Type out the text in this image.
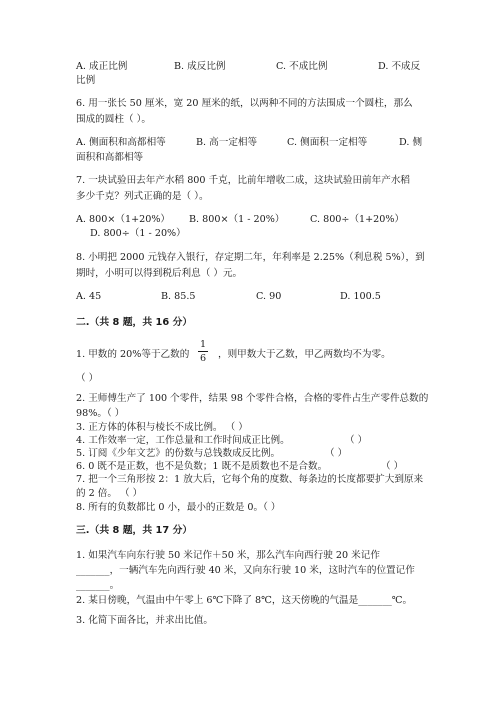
A. 成正比例	B. 成反比例	C. 不成比例	D. 不成反
比例
6. 用一张长 50 厘米，宽 20 厘米的纸，以两种不同的方法围成一个圆柱，那么
围成的圆柱（ ）。
A. 侧面积和高都相等	B. 高一定相等	C. 侧面积一定相等	D. 侧
面积和高都相等
7. 一块试验田去年产水稻 800 千克，比前年增收二成，这块试验田前年产水稻
多少千克？列式正确的是（ ）。
A. 800×（1+20%） B. 800×（1 - 20%）	C. 800÷（1+20%）
D. 800÷（1 - 20%）
8. 小明把 2000 元钱存入银行，存定期二年，年利率是 2.25%（利息税 5%），到
期时，小明可以得到税后利息（ ）元。
A. 45	B. 85.5	C. 90	D. 100.5
二.（共 8 题，共 16 分）
1. 甲数的 20%等于乙数的
1
6 ，则甲数大于乙数，甲乙两数均不为零。
（ ）
2. 王师傅生产了 100 个零件，结果 98 个零件合格，合格的零件占生产零件总数的
98%。（ ）
3. 正方体的体积与棱长不成比例。 （ ）
4. 工作效率一定，工作总量和工作时间成正比例。	（ ）
5. 订阅《少年文艺》的份数与总钱数成反比例。	（ ）
6. 0 既不是正数，也不是负数；1 既不是质数也不是合数。	（ ）
7. 把一个三角形按 2：1 放大后，它每个角的度数、每条边的长度都要扩大到原来
的 2 倍。 （ ）
8. 所有的负数都比 0 小，最小的正数是 0。（ ）
三.（共 8 题，共 17 分）
1. 如果汽车向东行驶 50 米记作＋50 米，那么汽车向西行驶 20 米记作
_______，一辆汽车先向西行驶 40 米，又向东行驶 10 米，这时汽车的位置记作
_______。
2. 某日傍晚，气温由中午零上 6℃下降了 8℃，这天傍晚的气温是_______℃。
3. 化简下面各比，并求出比值。
